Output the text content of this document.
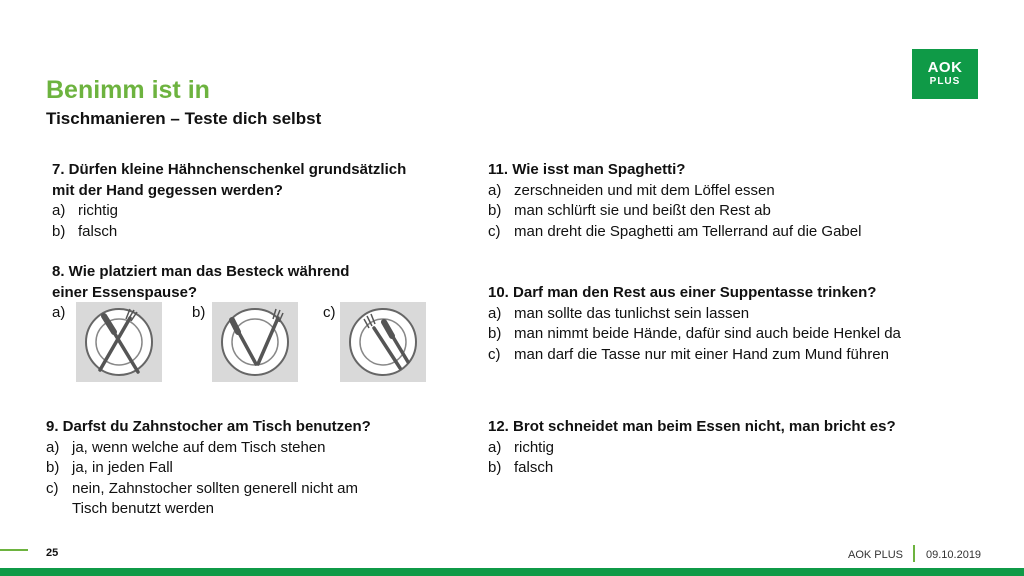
Benimm ist in
Tischmanieren – Teste dich selbst
AOK
PLUS
7. Dürfen kleine Hähnchenschenkel grundsätzlich
mit der Hand gegessen werden?
a) richtig
b) falsch
8. Wie platziert man das Besteck während
einer Essenspause?
a)	b)	c)
9. Darfst du Zahnstocher am Tisch benutzen?
a) ja, wenn welche auf dem Tisch stehen
b) ja, in jeden Fall
c) nein, Zahnstocher sollten generell nicht am
Tisch benutzt werden
11. Wie isst man Spaghetti?
a) zerschneiden und mit dem Löffel essen
b) man schlürft sie und beißt den Rest ab
c) man dreht die Spaghetti am Tellerrand auf die Gabel
10. Darf man den Rest aus einer Suppentasse trinken?
a) man sollte das tunlichst sein lassen
b) man nimmt beide Hände, dafür sind auch beide Henkel da
c) man darf die Tasse nur mit einer Hand zum Mund führen
12. Brot schneidet man beim Essen nicht, man bricht es?
a) richtig
b) falsch
25	AOK PLUS 09.10.2019
